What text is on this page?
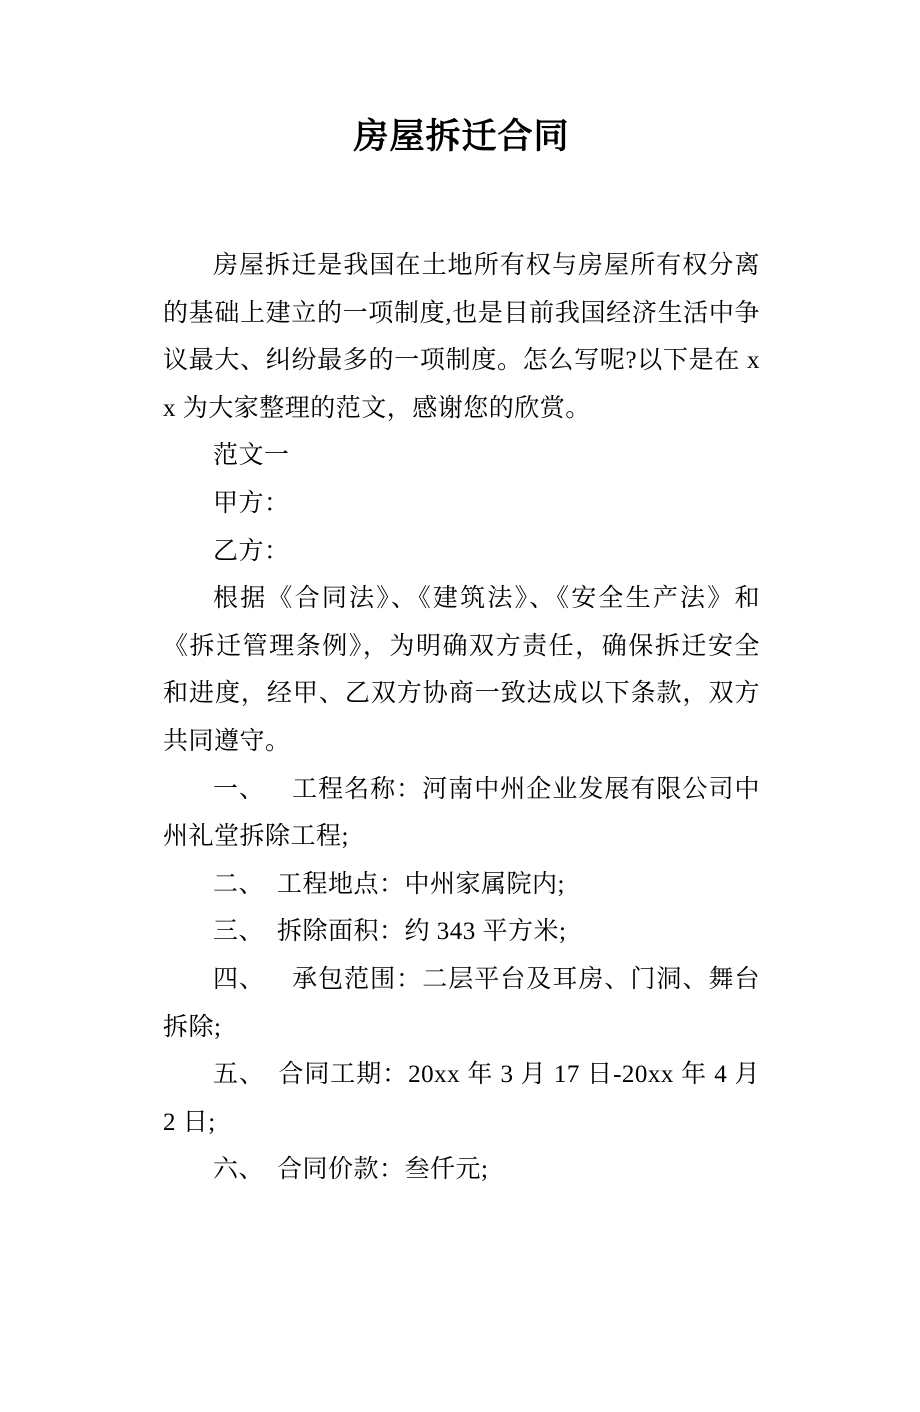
房屋拆迁合同

房屋拆迁是我国在土地所有权与房屋所有权分离的基础上建立的一项制度,也是目前我国经济生活中争议最大、纠纷最多的一项制度。怎么写呢?以下是在 xx 为大家整理的范文，感谢您的欣赏。

范文一

甲方：

乙方：

根据《合同法》、《建筑法》、《安全生产法》和《拆迁管理条例》，为明确双方责任，确保拆迁安全和进度，经甲、乙双方协商一致达成以下条款，双方共同遵守。

一、　 工程名称：河南中州企业发展有限公司中州礼堂拆除工程;

二、 工程地点：中州家属院内;

三、 拆除面积：约 343 平方米;

四、　 承包范围：二层平台及耳房、门洞、舞台拆除;

五、 合同工期：20xx 年 3 月 17 日-20xx 年 4 月 2 日;

六、 合同价款：叁仟元;
